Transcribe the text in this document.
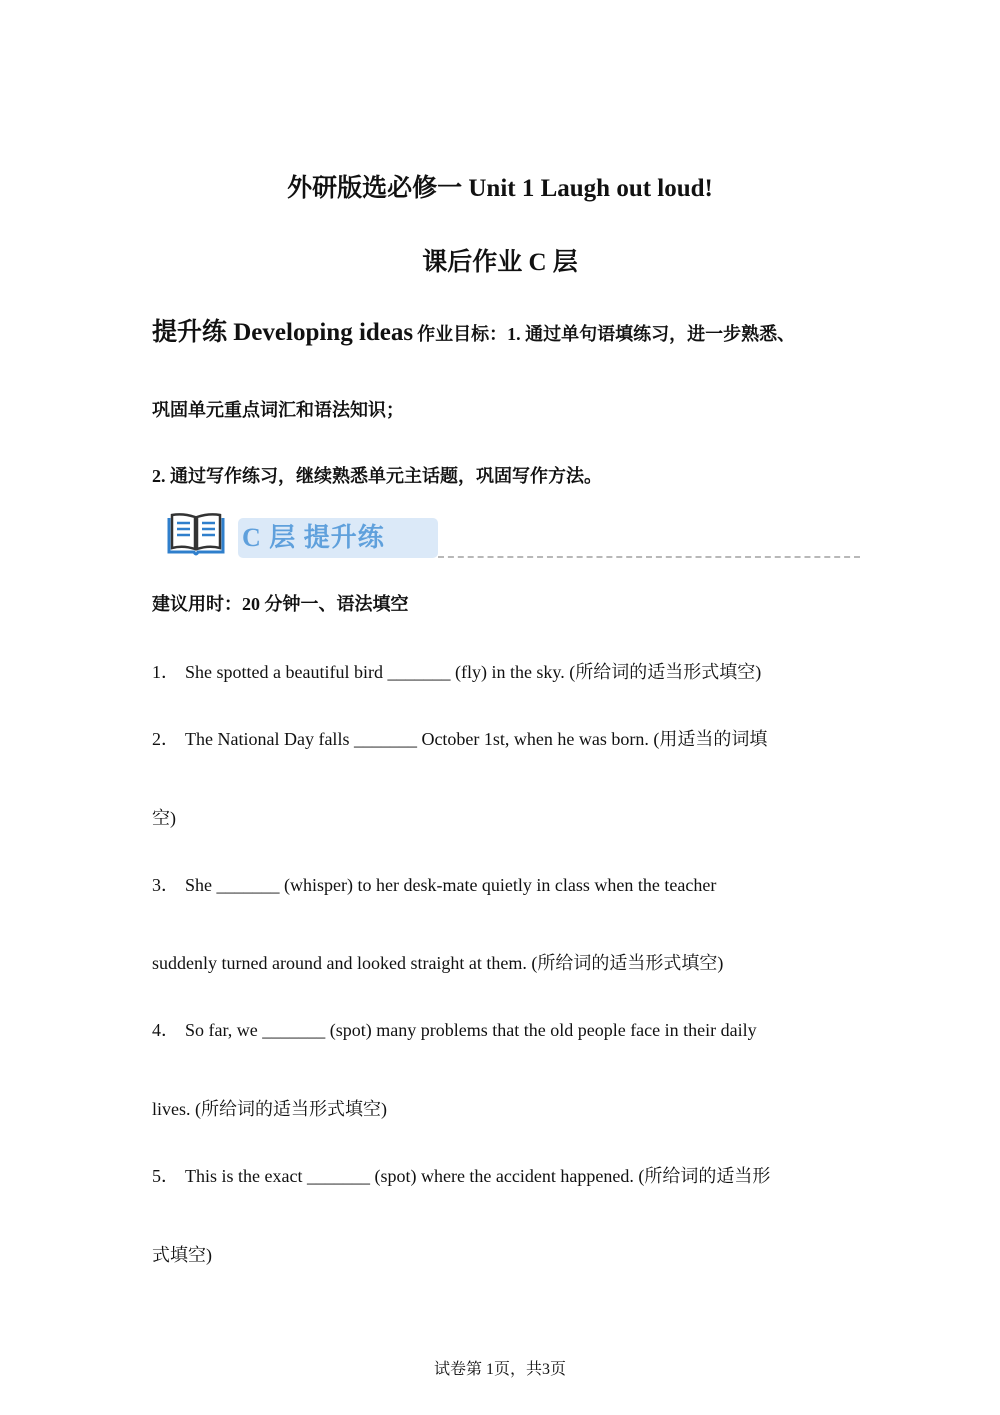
外研版选必修一 Unit 1 Laugh out loud!
课后作业 C 层
提升练 Developing ideas 作业目标：1. 通过单句语填练习，进一步熟悉、
巩固单元重点词汇和语法知识；
2. 通过写作练习，继续熟悉单元主话题，巩固写作方法。
C 层 提升练
建议用时：20 分钟一、语法填空
1． She spotted a beautiful bird _______ (fly) in the sky. (所给词的适当形式填空)
2． The National Day falls _______ October 1st, when he was born. (用适当的词填
空)
3． She _______ (whisper) to her desk-mate quietly in class when the teacher
suddenly turned around and looked straight at them. (所给词的适当形式填空)
4． So far, we _______ (spot) many problems that the old people face in their daily
lives. (所给词的适当形式填空)
5． This is the exact _______ (spot) where the accident happened. (所给词的适当形
式填空)
试卷第 1页，共3页
